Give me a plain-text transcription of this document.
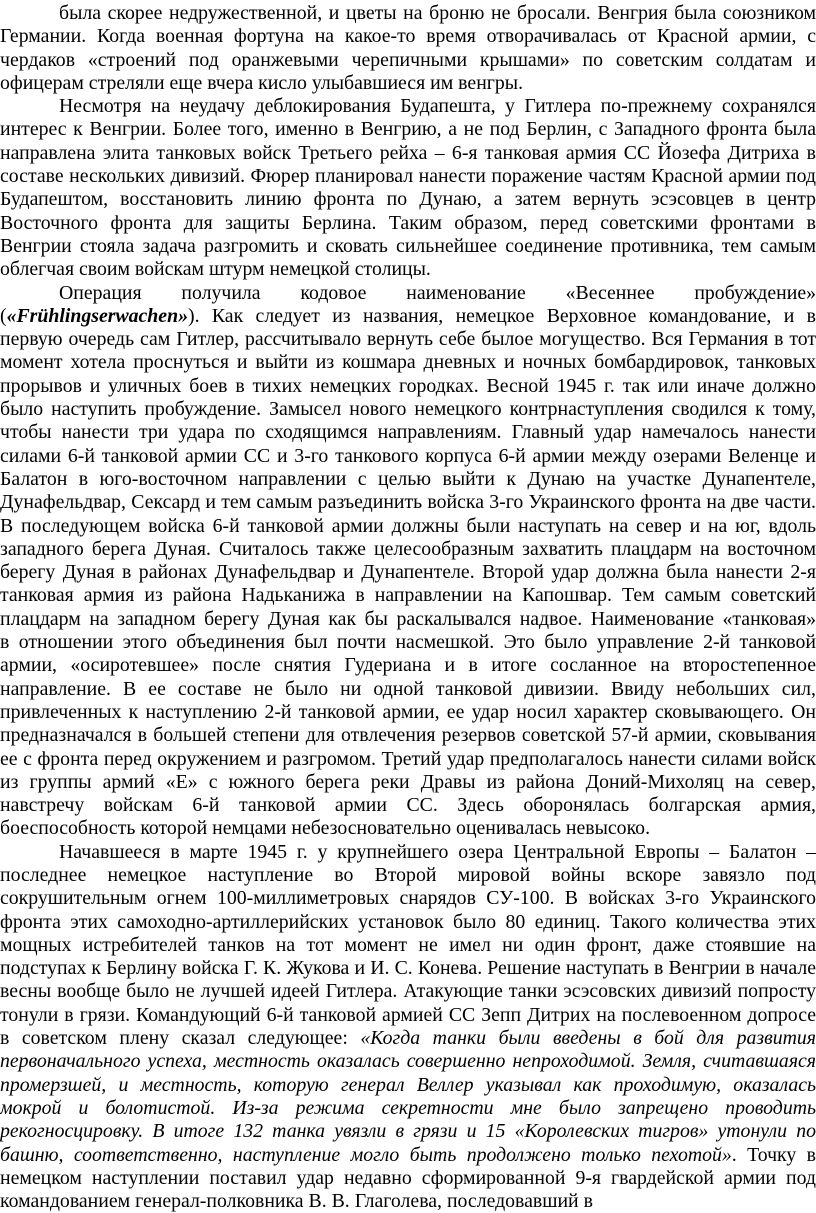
была скорее недружественной, и цветы на броню не бросали. Венгрия была союзником
Германии. Когда военная фортуна на какое-то время отворачивалась от Красной армии, с
чердаков «строений под оранжевыми черепичными крышами» по советским солдатам и
офицерам стреляли еще вчера кисло улыбавшиеся им венгры.
Несмотря на неудачу деблокирования Будапешта, у Гитлера по-прежнему сохранялся
интерес к Венгрии. Более того, именно в Венгрию, а не под Берлин, с Западного фронта была
направлена элита танковых войск Третьего рейха – 6-я танковая армия СС Йозефа Дитриха в
составе нескольких дивизий. Фюрер планировал нанести поражение частям Красной армии под
Будапештом, восстановить линию фронта по Дунаю, а затем вернуть эсэсовцев в центр
Восточного фронта для защиты Берлина. Таким образом, перед советскими фронтами в
Венгрии стояла задача разгромить и сковать сильнейшее соединение противника, тем самым
облегчая своим войскам штурм немецкой столицы.
Операция получила кодовое наименование «Весеннее пробуждение»
(«Frühlingserwachen»). Как следует из названия, немецкое Верховное командование, и в
первую очередь сам Гитлер, рассчитывало вернуть себе былое могущество. Вся Германия в тот
момент хотела проснуться и выйти из кошмара дневных и ночных бомбардировок, танковых
прорывов и уличных боев в тихих немецких городках. Весной 1945 г. так или иначе должно
было наступить пробуждение. Замысел нового немецкого контрнаступления сводился к тому,
чтобы нанести три удара по сходящимся направлениям. Главный удар намечалось нанести
силами 6-й танковой армии СС и 3-го танкового корпуса 6-й армии между озерами Веленце и
Балатон в юго-восточном направлении с целью выйти к Дунаю на участке Дунапентеле,
Дунафельдвар, Сексард и тем самым разъединить войска 3-го Украинского фронта на две части.
В последующем войска 6-й танковой армии должны были наступать на север и на юг, вдоль
западного берега Дуная. Считалось также целесообразным захватить плацдарм на восточном
берегу Дуная в районах Дунафельдвар и Дунапентеле. Второй удар должна была нанести 2-я
танковая армия из района Надьканижа в направлении на Капошвар. Тем самым советский
плацдарм на западном берегу Дуная как бы раскалывался надвое. Наименование «танковая»
в отношении этого объединения был почти насмешкой. Это было управление 2-й танковой
армии, «осиротевшее» после снятия Гудериана и в итоге сосланное на второстепенное
направление. В ее составе не было ни одной танковой дивизии. Ввиду небольших сил,
привлеченных к наступлению 2-й танковой армии, ее удар носил характер сковывающего. Он
предназначался в большей степени для отвлечения резервов советской 57-й армии, сковывания
ее с фронта перед окружением и разгромом. Третий удар предполагалось нанести силами войск
из группы армий «Е» с южного берега реки Дравы из района Доний-Михоляц на север,
навстречу войскам 6-й танковой армии СС. Здесь оборонялась болгарская армия,
боеспособность которой немцами небезосновательно оценивалась невысоко.
Начавшееся в марте 1945 г. у крупнейшего озера Центральной Европы – Балатон –
последнее немецкое наступление во Второй мировой войны вскоре завязло под
сокрушительным огнем 100-миллиметровых снарядов СУ-100. В войсках 3-го Украинского
фронта этих самоходно-артиллерийских установок было 80 единиц. Такого количества этих
мощных истребителей танков на тот момент не имел ни один фронт, даже стоявшие на
подступах к Берлину войска Г. К. Жукова и И. С. Конева. Решение наступать в Венгрии в начале
весны вообще было не лучшей идеей Гитлера. Атакующие танки эсэсовских дивизий попросту
тонули в грязи. Командующий 6-й танковой армией СС Зепп Дитрих на послевоенном допросе
в советском плену сказал следующее: «Когда танки были введены в бой для развития
первоначального успеха, местность оказалась совершенно непроходимой. Земля, считавшаяся
промерзшей, и местность, которую генерал Веллер указывал как проходимую, оказалась
мокрой и болотистой. Из-за режима секретности мне было запрещено проводить
рекогносцировку. В итоге 132 танка увязли в грязи и 15 «Королевских тигров» утонули по
башню, соответственно, наступление могло быть продолжено только пехотой». Точку в
немецком наступлении поставил удар недавно сформированной 9-я гвардейской армии под
командованием генерал-полковника В. В. Глаголева, последовавший в
